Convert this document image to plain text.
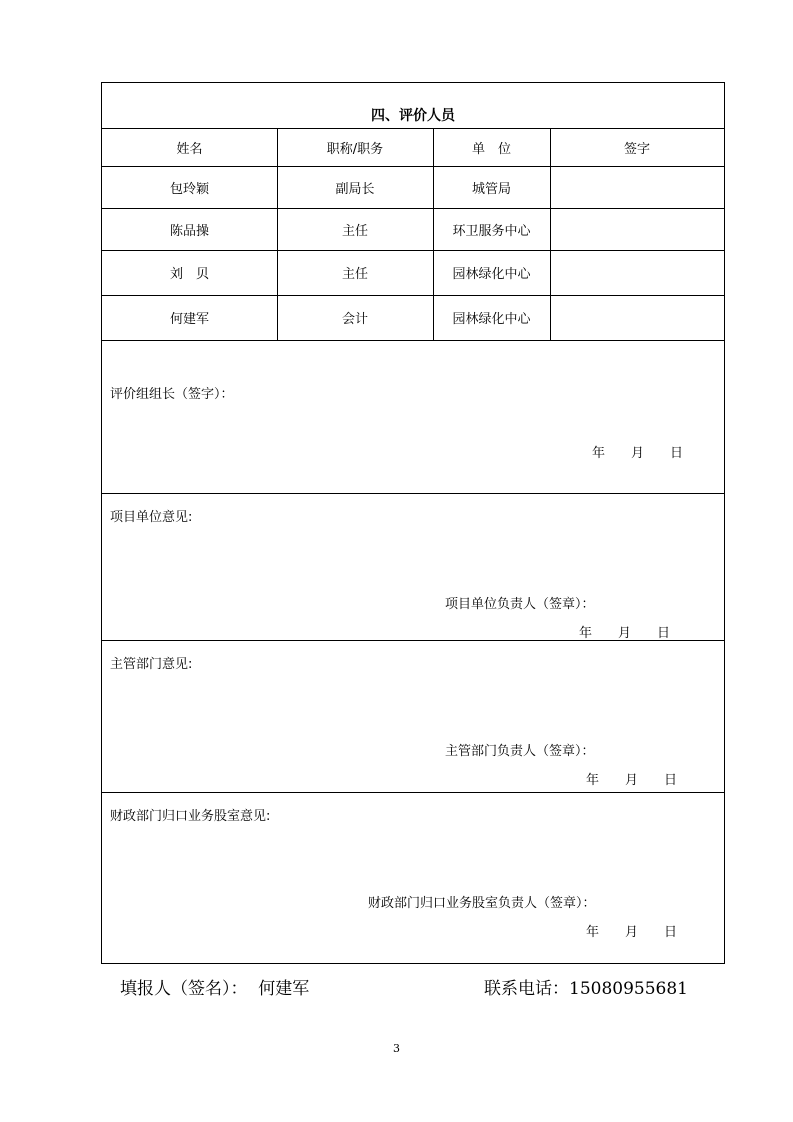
四、评价人员
姓名	职称/职务	单　位	签字
包玲颖	副局长	城管局
陈品操	主任	环卫服务中心
刘　贝	主任	园林绿化中心
何建军	会计	园林绿化中心
评价组组长（签字）：
年　　月　　日
项目单位意见:
项目单位负责人（签章）：
年　　月　　日
主管部门意见:
主管部门负责人（签章）：
年　　月　　日
财政部门归口业务股室意见:
财政部门归口业务股室负责人（签章）：
年　　月　　日
填报人（签名）：  何建军	联系电话：15080955681
3
